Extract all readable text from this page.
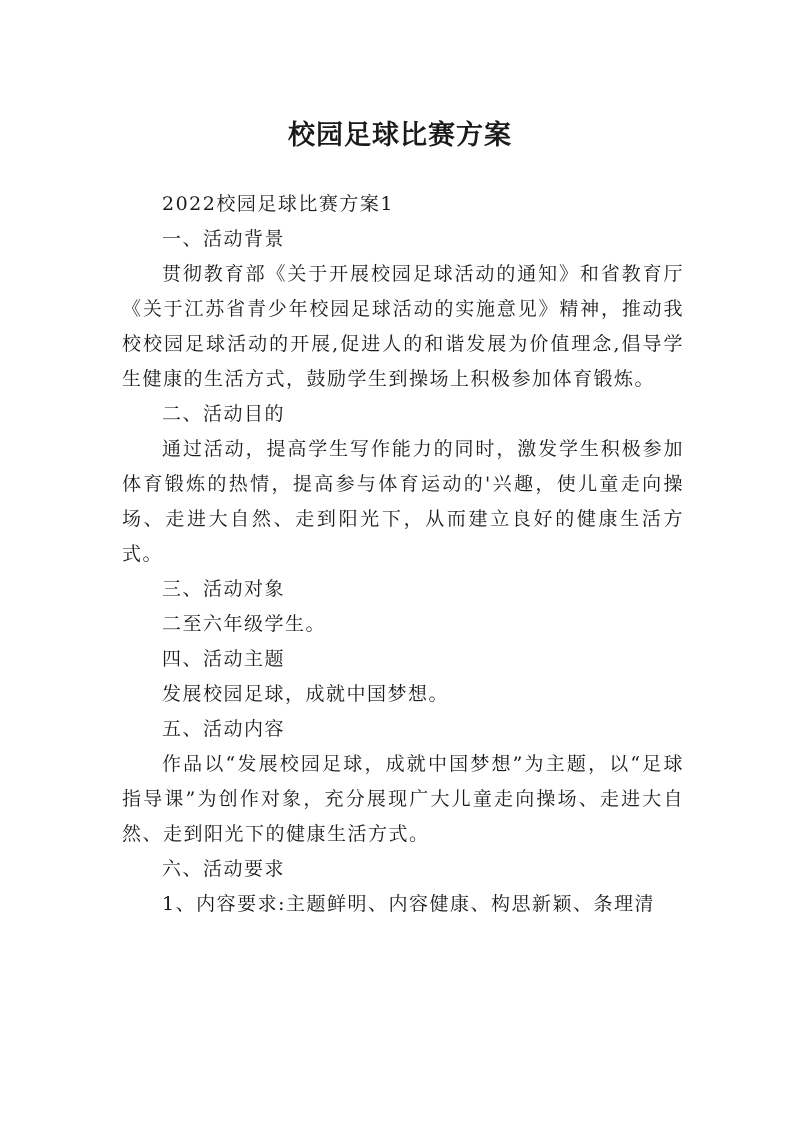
校园足球比赛方案

2022校园足球比赛方案1

一、活动背景

贯彻教育部《关于开展校园足球活动的通知》和省教育厅《关于江苏省青少年校园足球活动的实施意见》精神，推动我校校园足球活动的开展,促进人的和谐发展为价值理念,倡导学生健康的生活方式，鼓励学生到操场上积极参加体育锻炼。

二、活动目的

通过活动，提高学生写作能力的同时，激发学生积极参加体育锻炼的热情，提高参与体育运动的'兴趣，使儿童走向操场、走进大自然、走到阳光下，从而建立良好的健康生活方式。

三、活动对象

二至六年级学生。

四、活动主题

发展校园足球，成就中国梦想。

五、活动内容

作品以“发展校园足球，成就中国梦想”为主题，以“足球指导课”为创作对象，充分展现广大儿童走向操场、走进大自然、走到阳光下的健康生活方式。

六、活动要求

1、内容要求:主题鲜明、内容健康、构思新颖、条理清
